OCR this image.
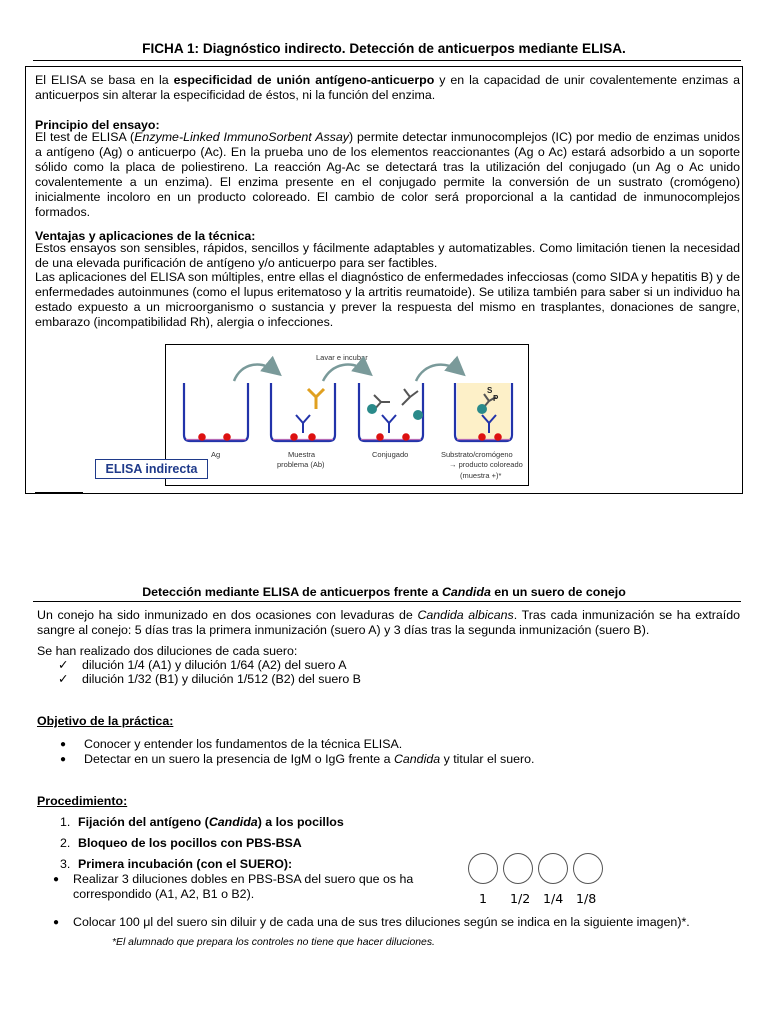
FICHA 1: Diagnóstico indirecto. Detección de anticuerpos mediante ELISA.
El ELISA se basa en la especificidad de unión antígeno-anticuerpo y en la capacidad de unir covalentemente enzimas a anticuerpos sin alterar la especificidad de éstos, ni la función del enzima.
Principio del ensayo:
El test de ELISA (Enzyme-Linked ImmunoSorbent Assay) permite detectar inmunocomplejos (IC) por medio de enzimas unidos a antígeno (Ag) o anticuerpo (Ac). En la prueba uno de los elementos reaccionantes (Ag o Ac) estará adsorbido a un soporte sólido como la placa de poliestireno. La reacción Ag-Ac se detectará tras la utilización del conjugado (un Ag o Ac unido covalentemente a un enzima). El enzima presente en el conjugado permite la conversión de un sustrato (cromógeno) inicialmente incoloro en un producto coloreado. El cambio de color será proporcional a la cantidad de inmunocomplejos formados.
Ventajas y aplicaciones de la técnica:
Estos ensayos son sensibles, rápidos, sencillos y fácilmente adaptables y automatizables. Como limitación tienen la necesidad de una elevada purificación de antígeno y/o anticuerpo para ser factibles.
Las aplicaciones del ELISA son múltiples, entre ellas el diagnóstico de enfermedades infecciosas (como SIDA y hepatitis B) y de enfermedades autoinmunes (como el lupus eritematoso y la artritis reumatoide). Se utiliza también para saber si un individuo ha estado expuesto a un microorganismo o sustancia y prever la respuesta del mismo en trasplantes, donaciones de sangre, embarazo (incompatibilidad Rh), alergia o infecciones.
Lavar e incubar
S
P
Ag	Muestra
problema (Ab)
Conjugado	Substrato/cromógeno
→ producto coloreado
(muestra +)*
ELISA indirecta
Detección mediante ELISA de anticuerpos frente a Candida en un suero de conejo
Un conejo ha sido inmunizado en dos ocasiones con levaduras de Candida albicans. Tras cada inmunización se ha extraído sangre al conejo: 5 días tras la primera inmunización (suero A) y 3 días tras la segunda inmunización (suero B).
Se han realizado dos diluciones de cada suero:
✓ dilución 1/4 (A1) y dilución 1/64 (A2) del suero A
✓ dilución 1/32 (B1) y dilución 1/512 (B2) del suero B
Objetivo de la práctica:
● Conocer y entender los fundamentos de la técnica ELISA.
● Detectar en un suero la presencia de IgM o IgG frente a Candida y titular el suero.
Procedimiento:
1. Fijación del antígeno (Candida) a los pocillos
2. Bloqueo de los pocillos con PBS-BSA
3. Primera incubación (con el SUERO):
● Realizar 3 diluciones dobles en PBS-BSA del suero que os ha
correspondido (A1, A2, B1 o B2).	1 1/2 1/4 1/8
● Colocar 100 μl del suero sin diluir y de cada una de sus tres diluciones según se indica en la siguiente imagen)*.
*El alumnado que prepara los controles no tiene que hacer diluciones.
